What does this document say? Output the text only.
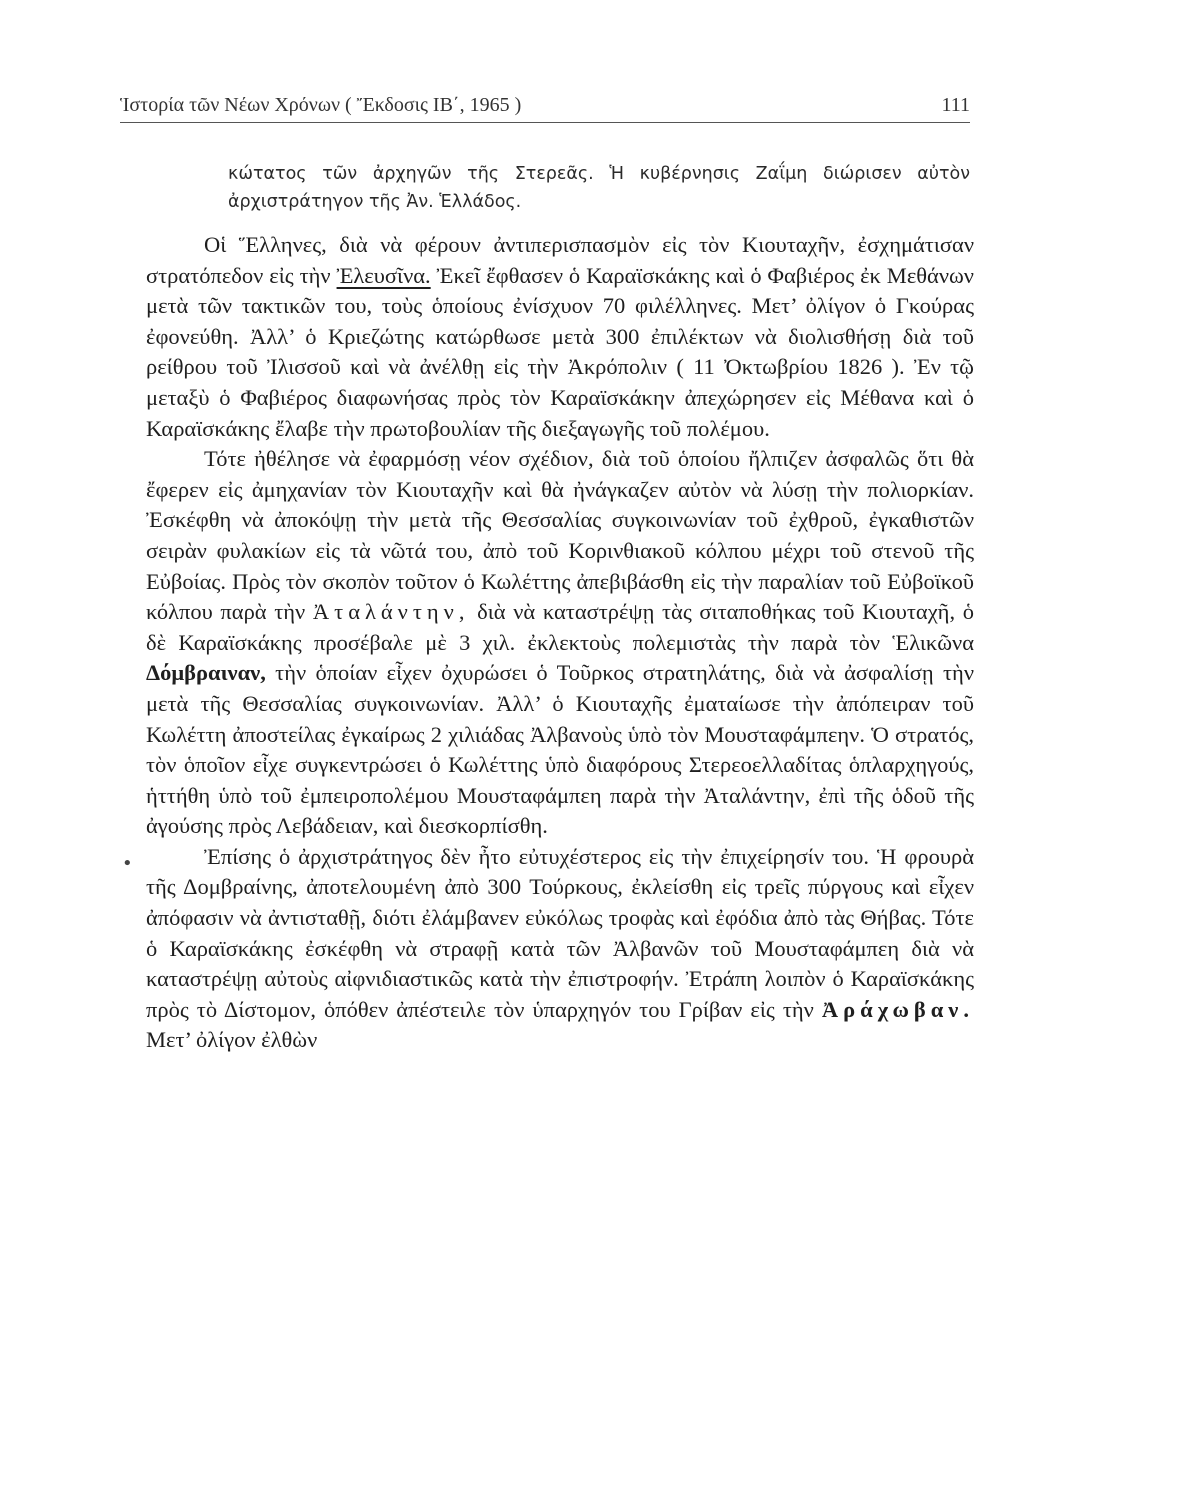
Ἱστορία τῶν Νέων Χρόνων ( Ἔκδοσις ΙΒ΄, 1965 )	111

κώτατος τῶν ἀρχηγῶν τῆς Στερεᾶς. Ἡ κυβέρνησις Ζαΐμη διώρισεν αὐτὸν ἀρχιστράτηγον τῆς Ἀν. Ἑλλάδος.

Οἱ Ἕλληνες, διὰ νὰ φέρουν ἀντιπερισπασμὸν εἰς τὸν Κιουταχῆν, ἐσχημάτισαν στρατόπεδον εἰς τὴν Ἐλευσῖνα. Ἐκεῖ ἔφθασεν ὁ Καραϊσκάκης καὶ ὁ Φαβιέρος ἐκ Μεθάνων μετὰ τῶν τακτικῶν του, τοὺς ὁποίους ἐνίσχυον 70 φιλέλληνες. Μετ’ ὀλίγον ὁ Γκούρας ἐφονεύθη. Ἀλλ’ ὁ Κριεζώτης κατώρθωσε μετὰ 300 ἐπιλέκτων νὰ διολισθήσῃ διὰ τοῦ ρείθρου τοῦ Ἰλισσοῦ καὶ νὰ ἀνέλθῃ εἰς τὴν Ἀκρόπολιν ( 11 Ὀκτωβρίου 1826 ). Ἐν τῷ μεταξὺ ὁ Φαβιέρος διαφωνήσας πρὸς τὸν Καραϊσκάκην ἀπεχώρησεν εἰς Μέθανα καὶ ὁ Καραϊσκάκης ἔλαβε τὴν πρωτοβουλίαν τῆς διεξαγωγῆς τοῦ πολέμου.

Τότε ἠθέλησε νὰ ἐφαρμόσῃ νέον σχέδιον, διὰ τοῦ ὁποίου ἤλπιζεν ἀσφαλῶς ὅτι θὰ ἔφερεν εἰς ἀμηχανίαν τὸν Κιουταχῆν καὶ θὰ ἠνάγκαζεν αὐτὸν νὰ λύσῃ τὴν πολιορκίαν. Ἐσκέφθη νὰ ἀποκόψῃ τὴν μετὰ τῆς Θεσσαλίας συγκοινωνίαν τοῦ ἐχθροῦ, ἐγκαθιστῶν σειρὰν φυλακίων εἰς τὰ νῶτά του, ἀπὸ τοῦ Κορινθιακοῦ κόλπου μέχρι τοῦ στενοῦ τῆς Εὐβοίας. Πρὸς τὸν σκοπὸν τοῦτον ὁ Κωλέττης ἀπεβιβάσθη εἰς τὴν παραλίαν τοῦ Εὐβοϊκοῦ κόλπου παρὰ τὴν Ἀταλάντην, διὰ νὰ καταστρέψῃ τὰς σιταποθήκας τοῦ Κιουταχῆ, ὁ δὲ Καραϊσκάκης προσέβαλε μὲ 3 χιλ. ἐκλεκτοὺς πολεμιστὰς τὴν παρὰ τὸν Ἑλικῶνα Δόμβραιναν, τὴν ὁποίαν εἶχεν ὀχυρώσει ὁ Τοῦρκος στρατηλάτης, διὰ νὰ ἀσφαλίσῃ τὴν μετὰ τῆς Θεσσαλίας συγκοινωνίαν. Ἀλλ’ ὁ Κιουταχῆς ἐματαίωσε τὴν ἀπόπειραν τοῦ Κωλέττη ἀποστείλας ἐγκαίρως 2 χιλιάδας Ἀλβανοὺς ὑπὸ τὸν Μουσταφάμπεην. Ὁ στρατός, τὸν ὁποῖον εἶχε συγκεντρώσει ὁ Κωλέττης ὑπὸ διαφόρους Στερεοελλαδίτας ὁπλαρχηγούς, ἡττήθη ὑπὸ τοῦ ἐμπειροπολέμου Μουσταφάμπεη παρὰ τὴν Ἀταλάντην, ἐπὶ τῆς ὁδοῦ τῆς ἀγούσης πρὸς Λεβάδειαν, καὶ διεσκορπίσθη.

Ἐπίσης ὁ ἀρχιστράτηγος δὲν ἦτο εὐτυχέστερος εἰς τὴν ἐπιχείρησίν του. Ἡ φρουρὰ τῆς Δομβραίνης, ἀποτελουμένη ἀπὸ 300 Τούρκους, ἐκλείσθη εἰς τρεῖς πύργους καὶ εἶχεν ἀπόφασιν νὰ ἀντισταθῇ, διότι ἐλάμβανεν εὐκόλως τροφὰς καὶ ἐφόδια ἀπὸ τὰς Θήβας. Τότε ὁ Καραϊσκάκης ἐσκέφθη νὰ στραφῇ κατὰ τῶν Ἀλβανῶν τοῦ Μουσταφάμπεη διὰ νὰ καταστρέψῃ αὐτοὺς αἰφνιδιαστικῶς κατὰ τὴν ἐπιστροφήν. Ἐτράπη λοιπὸν ὁ Καραϊσκάκης πρὸς τὸ Δίστομον, ὁπόθεν ἀπέστειλε τὸν ὑπαρχηγόν του Γρίβαν εἰς τὴν Ἀράχωβαν. Μετ’ ὀλίγον ἐλθὼν

•
